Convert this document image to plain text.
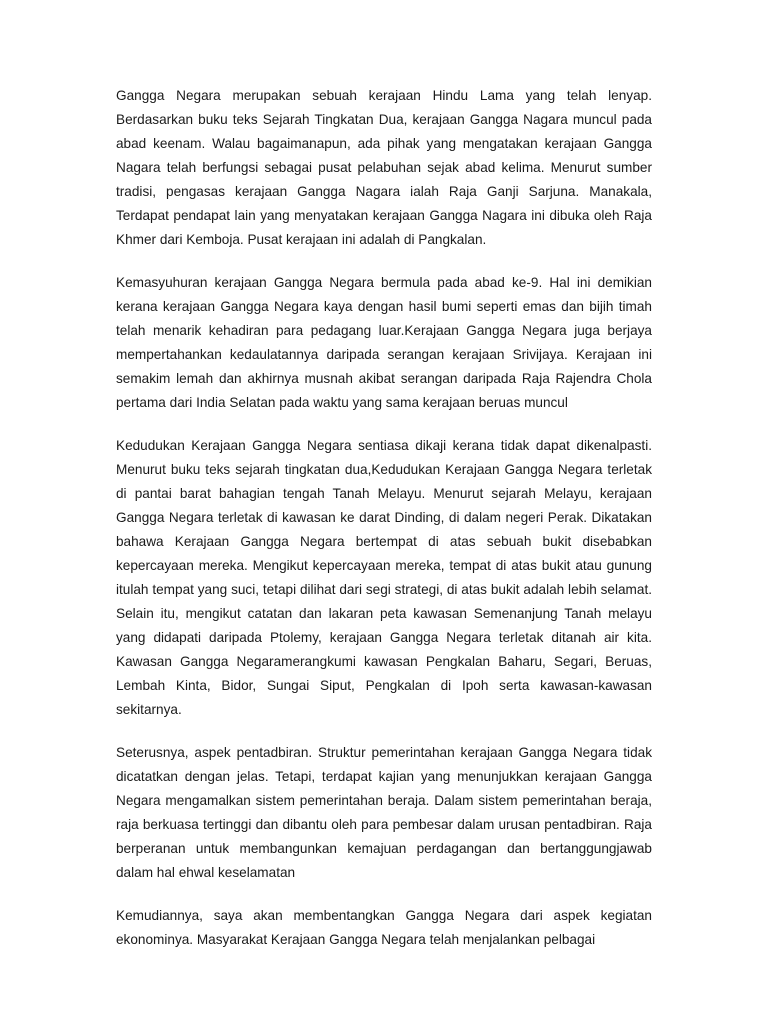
Gangga Negara merupakan sebuah kerajaan Hindu Lama yang telah lenyap. Berdasarkan buku teks Sejarah Tingkatan Dua, kerajaan Gangga Nagara muncul pada abad keenam. Walau bagaimanapun, ada pihak yang mengatakan kerajaan Gangga Nagara telah berfungsi sebagai pusat pelabuhan sejak abad kelima. Menurut sumber tradisi, pengasas kerajaan Gangga Nagara ialah Raja Ganji Sarjuna. Manakala, Terdapat pendapat lain yang menyatakan kerajaan Gangga Nagara ini dibuka oleh Raja Khmer dari Kemboja. Pusat kerajaan ini adalah di Pangkalan.

Kemasyuhuran kerajaan Gangga Negara bermula pada abad ke-9. Hal ini demikian kerana kerajaan Gangga Negara kaya dengan hasil bumi seperti emas dan bijih timah telah menarik kehadiran para pedagang luar.Kerajaan Gangga Negara juga berjaya mempertahankan kedaulatannya daripada serangan kerajaan Srivijaya. Kerajaan ini semakim lemah dan akhirnya musnah akibat serangan daripada Raja Rajendra Chola pertama dari India Selatan pada waktu yang sama kerajaan beruas muncul

Kedudukan Kerajaan Gangga Negara sentiasa dikaji kerana tidak dapat dikenalpasti. Menurut buku teks sejarah tingkatan dua,Kedudukan Kerajaan Gangga Negara terletak di pantai barat bahagian tengah Tanah Melayu. Menurut sejarah Melayu, kerajaan Gangga Negara terletak di kawasan ke darat Dinding, di dalam negeri Perak. Dikatakan bahawa Kerajaan Gangga Negara bertempat di atas sebuah bukit disebabkan kepercayaan mereka. Mengikut kepercayaan mereka, tempat di atas bukit atau gunung itulah tempat yang suci, tetapi dilihat dari segi strategi, di atas bukit adalah lebih selamat. Selain itu, mengikut catatan dan lakaran peta kawasan Semenanjung Tanah melayu yang didapati daripada Ptolemy, kerajaan Gangga Negara terletak ditanah air kita. Kawasan Gangga Negaramerangkumi kawasan Pengkalan Baharu, Segari, Beruas, Lembah Kinta, Bidor, Sungai Siput, Pengkalan di Ipoh serta kawasan-kawasan sekitarnya.

Seterusnya, aspek pentadbiran. Struktur pemerintahan kerajaan Gangga Negara tidak dicatatkan dengan jelas. Tetapi, terdapat kajian yang menunjukkan kerajaan Gangga Negara mengamalkan sistem pemerintahan beraja. Dalam sistem pemerintahan beraja, raja berkuasa tertinggi dan dibantu oleh para pembesar dalam urusan pentadbiran. Raja berperanan untuk membangunkan kemajuan perdagangan dan bertanggungjawab dalam hal ehwal keselamatan

Kemudiannya, saya akan membentangkan Gangga Negara dari aspek kegiatan ekonominya. Masyarakat Kerajaan Gangga Negara telah menjalankan pelbagai
